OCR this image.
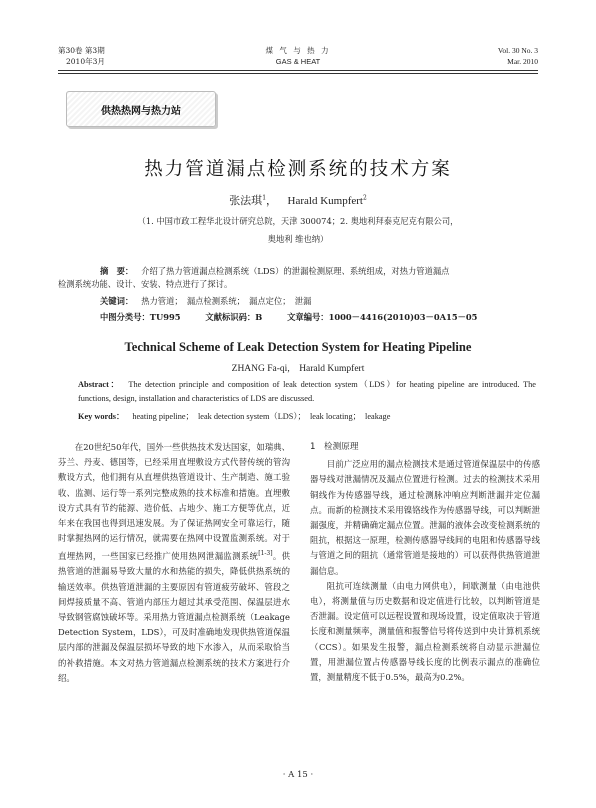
第30卷 第3期
2010年3月
煤 气 与 热 力
GAS & HEAT
Vol. 30 No. 3
Mar. 2010
供热热网与热力站
热力管道漏点检测系统的技术方案
张法琪$^1$， Harald Kumpfert$^2$
（1. 中国市政工程华北设计研究总院，天津 300074；2. 奥地利拜泰克尼克有限公司，
奥地利 维也纳）
摘　要： 介绍了热力管道漏点检测系统（LDS）的泄漏检测原理、系统组成，对热力管道漏点
检测系统功能、设计、安装、特点进行了探讨。
关键词： 热力管道；　漏点检测系统；　漏点定位；　泄漏
中图分类号：TU995	文献标识码：B	文章编号：1000－4416(2010)03－0A15－05
Technical Scheme of Leak Detection System for Heating Pipeline
ZHANG Fa-qi,　Harald Kumpfert
Abstract： The detection principle and composition of leak detection system（LDS）for heating pipeline are introduced. The functions, design, installation and characteristics of LDS are discussed.
Key words： heating pipeline；　leak detection system（LDS）；　leak locating；　leakage

在20世纪50年代，国外一些供热技术发达国家，如瑞典、芬兰、丹麦、德国等，已经采用直埋敷设方式代替传统的管沟敷设方式，他们拥有从直埋供热管道设计、生产制造、施工验收、监测、运行等一系列完整成熟的技术标准和措施。直埋敷设方式具有节约能源、造价低、占地少、施工方便等优点，近年来在我国也得到迅速发展。为了保证热网安全可靠运行，随时掌握热网的运行情况，就需要在热网中设置监测系统。对于直埋热网，一些国家已经推广使用热网泄漏监测系统[1-3]。供热管道的泄漏易导致大量的水和热能的损失，降低供热系统的输送效率。供热管道泄漏的主要原因有管道疲劳破坏、管段之间焊接质量不高、管道内部压力超过其承受范围、保温层进水导致钢管腐蚀破坏等。采用热力管道漏点检测系统（Leakage Detection System，LDS），可及时准确地发现供热管道保温层内部的泄漏及保温层损坏导致的地下水渗入，从而采取恰当的补救措施。本文对热力管道漏点检测系统的技术方案进行介绍。

1　检测原理

目前广泛应用的漏点检测技术是通过管道保温层中的传感器导线对泄漏情况及漏点位置进行检测。过去的检测技术采用铜线作为传感器导线，通过检测脉冲响应判断泄漏并定位漏点。而新的检测技术采用镍铬线作为传感器导线，可以判断泄漏强度，并精确确定漏点位置。泄漏的液体会改变检测系统的阻抗，根据这一原理，检测传感器导线间的电阻和传感器导线与管道之间的阻抗（通常管道是接地的）可以获得供热管道泄漏信息。

阻抗可连续测量（由电力网供电），间歇测量（由电池供电），将测量值与历史数据和设定值进行比较，以判断管道是否泄漏。设定值可以远程设置和现场设置，设定值取决于管道长度和测量频率，测量值和报警信号将传送到中央计算机系统（CCS）。如果发生报警，漏点检测系统将自动显示泄漏位置，用泄漏位置占传感器导线长度的比例表示漏点的准确位置，测量精度不低于0.5%，最高为0.2%。

· A 15 ·
